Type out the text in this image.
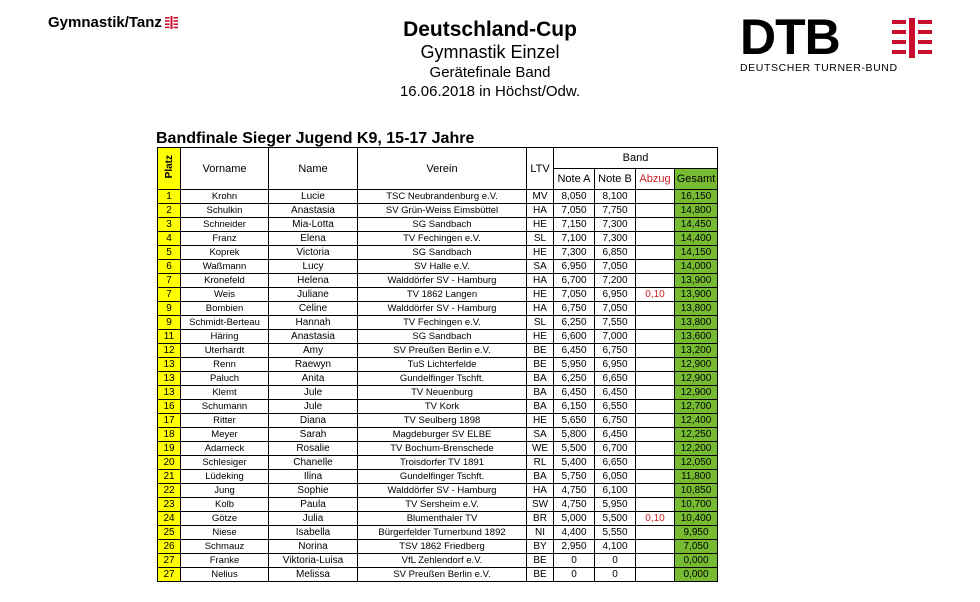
Gymnastik/Tanz	Deutschland-Cup
Gymnastik Einzel
Gerätefinale Band
16.06.2018 in Höchst/Odw.
DTB
DEUTSCHER TURNER-BUND
Bandfinale Sieger Jugend K9, 15-17 Jahre
Platz	Vorname	Name	Verein	LTV	Band			
					Note A	Note B	Abzug	Gesamt
1	Krohn	Lucie	TSC Neubrandenburg e.V.	MV	8,050	8,100		16,150
2	Schulkin	Anastasia	SV Grün-Weiss Eimsbüttel	HA	7,050	7,750		14,800
3	Schneider	Mia-Lotta	SG Sandbach	HE	7,150	7,300		14,450
4	Franz	Elena	TV Fechingen e.V.	SL	7,100	7,300		14,400
5	Koprek	Victoria	SG Sandbach	HE	7,300	6,850		14,150
6	Waßmann	Lucy	SV Halle e.V.	SA	6,950	7,050		14,000
7	Kronefeld	Helena	Walddörfer SV - Hamburg	HA	6,700	7,200		13,900
7	Weis	Juliane	TV 1862 Langen	HE	7,050	6,950	0,10	13,900
9	Bombien	Celine	Walddörfer SV - Hamburg	HA	6,750	7,050		13,800
9	Schmidt-Berteau	Hannah	TV Fechingen e.V.	SL	6,250	7,550		13,800
11	Häring	Anastasia	SG Sandbach	HE	6,600	7,000		13,600
12	Uterhardt	Amy	SV Preußen Berlin e.V.	BE	6,450	6,750		13,200
13	Renn	Raewyn	TuS Lichterfelde	BE	5,950	6,950		12,900
13	Paluch	Anita	Gundelfinger Tschft.	BA	6,250	6,650		12,900
13	Klemt	Jule	TV Neuenburg	BA	6,450	6,450		12,900
16	Schumann	Jule	TV Kork	BA	6,150	6,550		12,700
17	Ritter	Diana	TV Seulberg 1898	HE	5,650	6,750		12,400
18	Meyer	Sarah	Magdeburger SV ELBE	SA	5,800	6,450		12,250
19	Adameck	Rosalie	TV Bochum-Brenschede	WE	5,500	6,700		12,200
20	Schlesiger	Chanelle	Troisdorfer TV 1891	RL	5,400	6,650		12,050
21	Lüdeking	Ilina	Gundelfinger Tschft.	BA	5,750	6,050		11,800
22	Jung	Sophie	Walddörfer SV - Hamburg	HA	4,750	6,100		10,850
23	Kolb	Paula	TV Sersheim e.V.	SW	4,750	5,950		10,700
24	Götze	Julia	Blumenthaler TV	BR	5,000	5,500	0,10	10,400
25	Niese	Isabella	Bürgerfelder Turnerbund 1892	NI	4,400	5,550		9,950
26	Schmauz	Norina	TSV 1862 Friedberg	BY	2,950	4,100		7,050
27	Franke	Viktoria-Luisa	VfL Zehlendorf e.V.	BE	0	0		0,000
27	Nelius	Melissa	SV Preußen Berlin e.V.	BE	0	0		0,000
